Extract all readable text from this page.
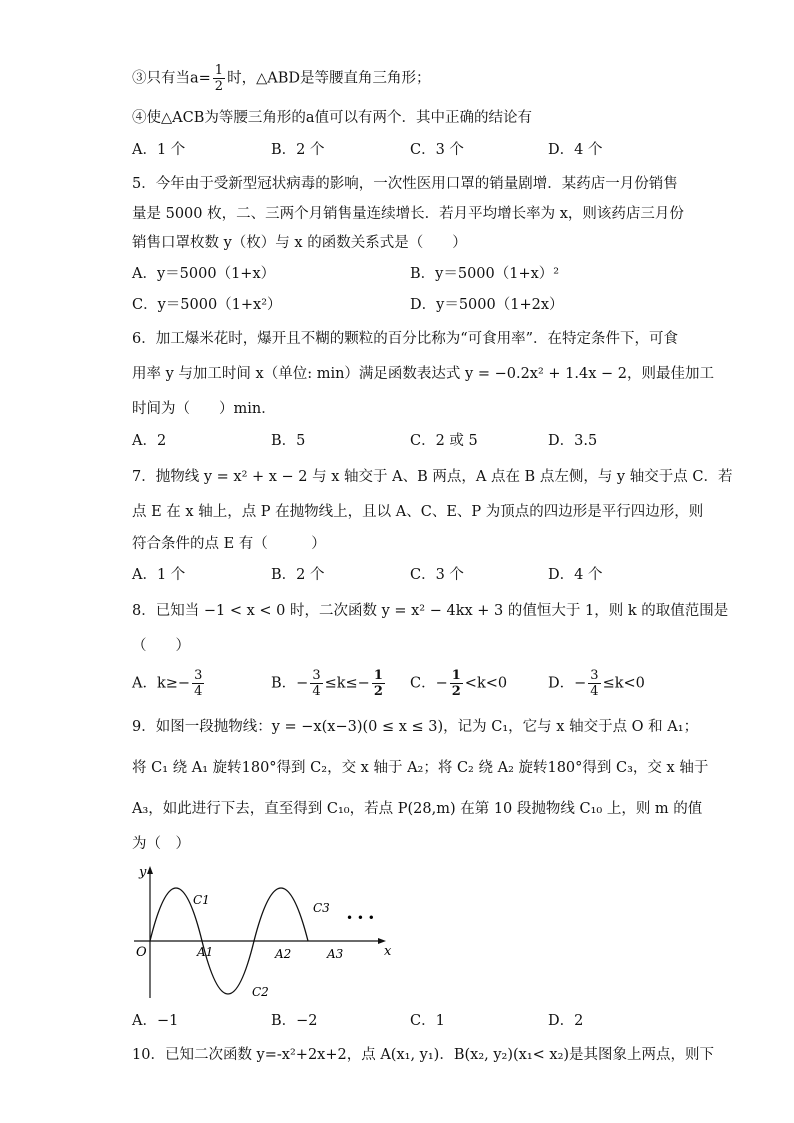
③只有当$a= \frac{1}{2}$ 时，△ABD是等腰直角三角形；
④使△ACB为等腰三角形的a值可以有两个．其中正确的结论有
A．1 个	B．2 个	C．3 个	D．4 个
5．今年由于受新型冠状病毒的影响，一次性医用口罩的销量剧增．某药店一月份销售
量是 5000 枚，二、三两个月销售量连续增长．若月平均增长率为 x，则该药店三月份
销售口罩枚数 y（枚）与 x 的函数关系式是（　　）
A．y＝5000（1+x）	B．y＝5000（1+x）²
C．y＝5000（1+x²）	D．y＝5000（1+2x）
6．加工爆米花时，爆开且不糊的颗粒的百分比称为“可食用率”．在特定条件下，可食
用率 y 与加工时间 x（单位: min）满足函数表达式 y = −0.2x² + 1.4x − 2，则最佳加工
时间为（　　）min．
A．2	B．5	C．2 或 5	D．3.5
7．抛物线 y = x² + x − 2 与 x 轴交于 A、B 两点，A 点在 B 点左侧，与 y 轴交于点 C．若
点 E 在 x 轴上，点 P 在抛物线上，且以 A、C、E、P 为顶点的四边形是平行四边形，则
符合条件的点 E 有（　　　）
A．1 个	B．2 个	C．3 个	D．4 个
8．已知当 −1 < x < 0 时，二次函数 y = x² − 4kx + 3 的值恒大于 1，则 k 的取值范围是
（　　）
A．$k\ge- \frac{3}{4}$	B．− $\frac{3}{4} \le k\le- \frac{1}{2}$ C．− $\frac{1}{2} <k<0$	D．− $\frac{3}{4} \le k<0$
9．如图一段抛物线：y = −x(x−3)(0 ≤ x ≤ 3)，记为 C₁，它与 x 轴交于点 O 和 A₁；
将 C₁ 绕 A₁ 旋转180°得到 C₂，交 x 轴于 A₂；将 C₂ 绕 A₂ 旋转180°得到 C₃，交 x 轴于
A₃，如此进行下去，直至得到 C₁₀，若点 P(28,m) 在第 10 段抛物线 C₁₀ 上，则 m 的值
为（　）
y
x
O
C1
C2
C3
A1	A2	A3
• • •
A．−1	B．−2	C．1	D．2
10．已知二次函数 y=-x²+2x+2，点 A(x₁, y₁)．B(x₂, y₂)(x₁< x₂)是其图象上两点，则下
